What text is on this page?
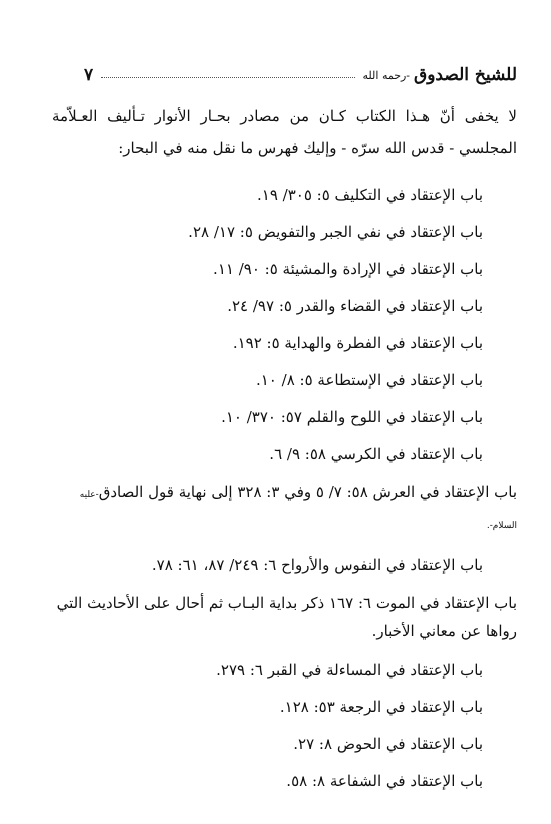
للشيخ الصدوق
-رحمه الله
٧

لا يخفى أنّ هـذا الكتاب كـان من مصادر بحـار الأنوار تـأليف العـلاّمة المجلسي - قدس الله سرّه - وإليك فهرس ما نقل منه في البحار:

باب الإعتقاد في التكليف ٥: ٣٠٥/ ١٩.
باب الإعتقاد في نفي الجبر والتفويض ٥: ١٧/ ٢٨.
باب الإعتقاد في الإرادة والمشيئة ٥: ٩٠/ ١١.
باب الإعتقاد في القضاء والقدر ٥: ٩٧/ ٢٤.
باب الإعتقاد في الفطرة والهداية ٥: ١٩٢.
باب الإعتقاد في الإستطاعة ٥: ٨/ ١٠.
باب الإعتقاد في اللوح والقلم ٥٧: ٣٧٠/ ١٠.
باب الإعتقاد في الكرسي ٥٨: ٩/ ٦.
باب الإعتقاد في العرش ٥٨: ٧/ ٥ وفي ٣: ٣٢٨ إلى نهاية قول الصادق-عليه السلام-.
باب الإعتقاد في النفوس والأرواح ٦: ٢٤٩/ ٨٧، ٦١: ٧٨.
باب الإعتقاد في الموت ٦: ١٦٧ ذكر بداية البـاب ثم أحال على الأحاديث التي رواها عن معاني الأخبار.
باب الإعتقاد في المساءلة في القبر ٦: ٢٧٩.
باب الإعتقاد في الرجعة ٥٣: ١٢٨.
باب الإعتقاد في الحوض ٨: ٢٧.
باب الإعتقاد في الشفاعة ٨: ٥٨.
